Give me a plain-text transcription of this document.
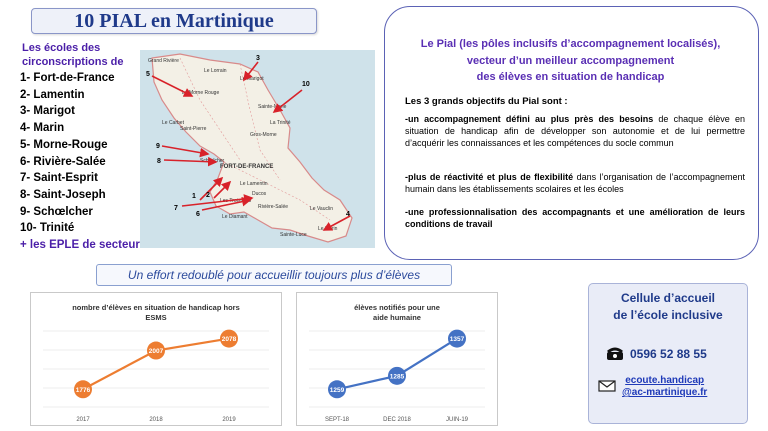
10 PIAL en Martinique
Les écoles des
circonscriptions de
1- Fort-de-France
2- Lamentin
3- Marigot
4- Marin
5- Morne-Rouge
6- Rivière-Salée
7- Saint-Esprit
8- Saint-Joseph
9- Schœlcher
10- Trinité
+ les EPLE de secteur
Grand Rivière
Le Lorrain
Le Marigot
Le Morne Rouge
Le Carbet
Saint-Pierre
Gros-Morne
Sainte-Marie
La Trinité
Schœlcher
FORT-DE-FRANCE
Le Lamentin
Ducos
Les Trois-Ilets
Rivière-Salée
Le Diamant
Le Vauclin
Sainte-Luce
Le Marin
1 2
3
4
5
6
7
8
9
10
Le Pial (les pôles inclusifs d’accompagnement localisés),
vecteur d’un meilleur accompagnement
des élèves en situation de handicap
Les 3 grands objectifs du Pial sont :
-un accompagnement défini au plus près des besoins de chaque élève en situation de handicap afin de développer son autonomie et de lui permettre d’acquérir les connaissances et les compétences du socle commun
-plus de réactivité et plus de flexibilité dans l’organisation de l’accompagnement humain dans les établissements scolaires et les écoles
-une professionnalisation des accompagnants et une amélioration de leurs conditions de travail
Un effort redoublé pour accueillir toujours plus d’élèves
nombre d’élèves en situation de handicap hors ESMS
1776
2017
2007
2018
2078
2019
élèves notifiés pour une aide humaine
1259
SEPT-18
1285
DEC 2018
1357
JUIN-19
Cellule d’accueil
de l’école inclusive
0596 52 88 55
ecoute.handicap
@ac-martinique.fr
